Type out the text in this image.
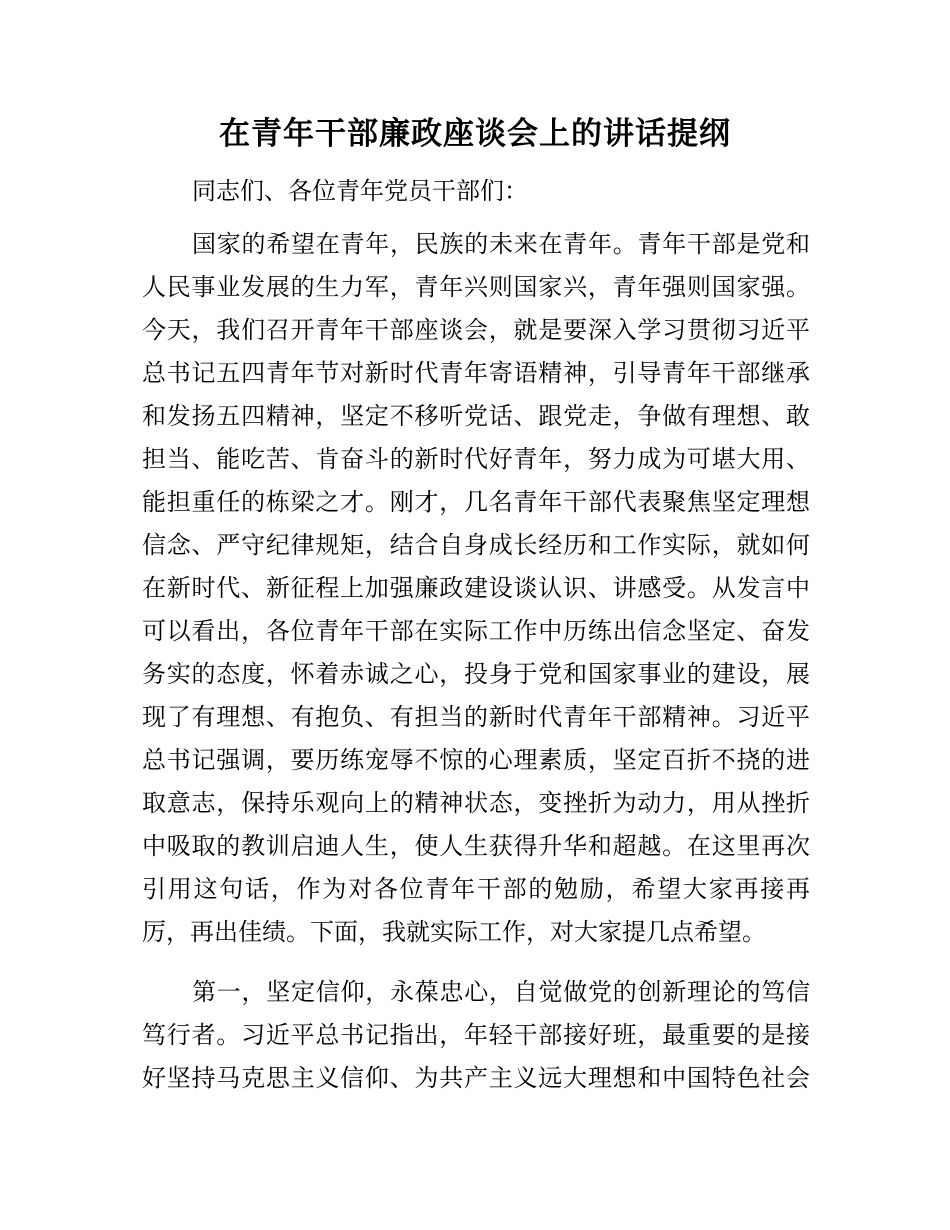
在青年干部廉政座谈会上的讲话提纲

同志们、各位青年党员干部们：

国家的希望在青年，民族的未来在青年。青年干部是党和

人民事业发展的生力军，青年兴则国家兴，青年强则国家强。

今天，我们召开青年干部座谈会，就是要深入学习贯彻习近平

总书记五四青年节对新时代青年寄语精神，引导青年干部继承

和发扬五四精神，坚定不移听党话、跟党走，争做有理想、敢

担当、能吃苦、肯奋斗的新时代好青年，努力成为可堪大用、

能担重任的栋梁之才。刚才，几名青年干部代表聚焦坚定理想

信念、严守纪律规矩，结合自身成长经历和工作实际，就如何

在新时代、新征程上加强廉政建设谈认识、讲感受。从发言中

可以看出，各位青年干部在实际工作中历练出信念坚定、奋发

务实的态度，怀着赤诚之心，投身于党和国家事业的建设，展

现了有理想、有抱负、有担当的新时代青年干部精神。习近平

总书记强调，要历练宠辱不惊的心理素质，坚定百折不挠的进

取意志，保持乐观向上的精神状态，变挫折为动力，用从挫折

中吸取的教训启迪人生，使人生获得升华和超越。在这里再次

引用这句话，作为对各位青年干部的勉励，希望大家再接再

厉，再出佳绩。下面，我就实际工作，对大家提几点希望。

第一，坚定信仰，永葆忠心，自觉做党的创新理论的笃信

笃行者。习近平总书记指出，年轻干部接好班，最重要的是接

好坚持马克思主义信仰、为共产主义远大理想和中国特色社会
